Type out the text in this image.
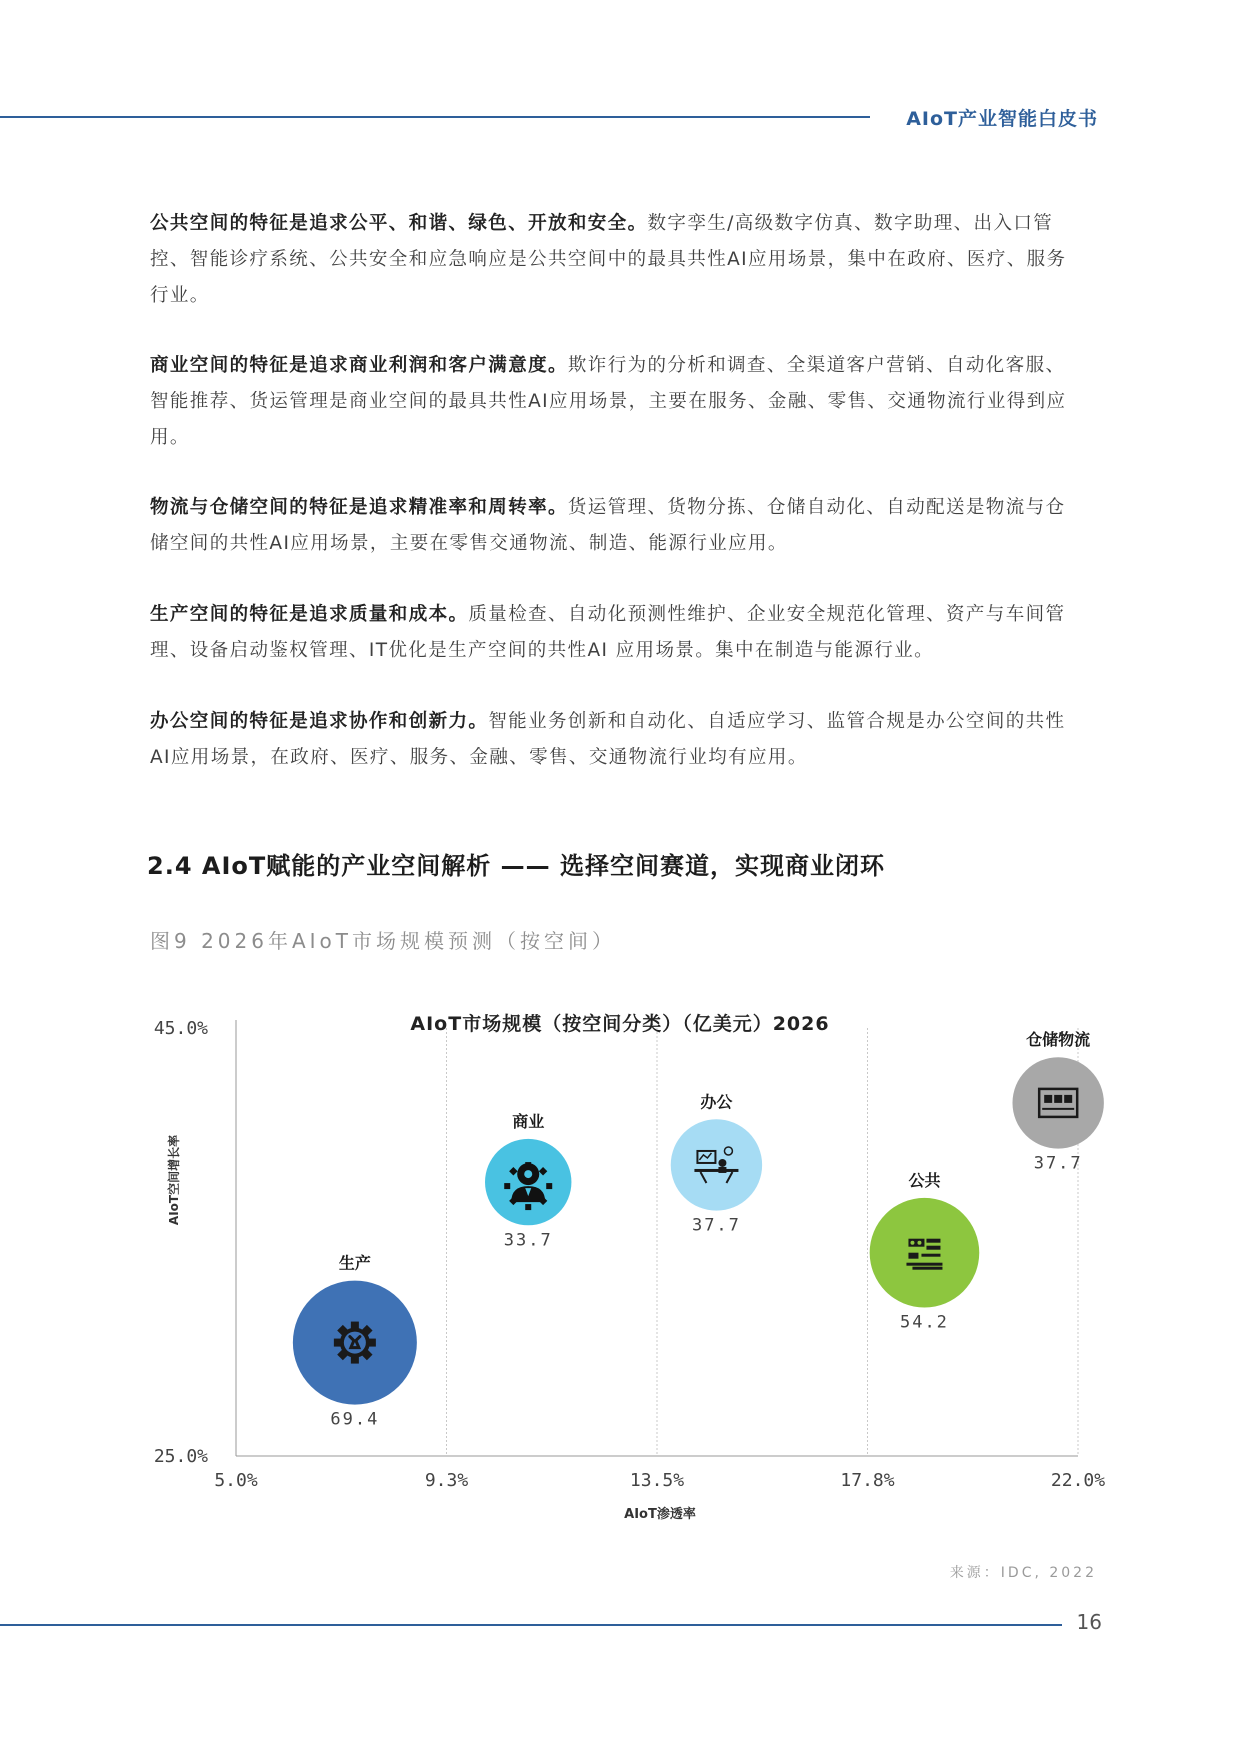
AIoT产业智能白皮书
公共空间的特征是追求公平、和谐、绿色、开放和安全。数字孪生/高级数字仿真、数字助理、出入口管控、智能诊疗系统、公共安全和应急响应是公共空间中的最具共性AI应用场景，集中在政府、医疗、服务行业。
商业空间的特征是追求商业利润和客户满意度。欺诈行为的分析和调查、全渠道客户营销、自动化客服、智能推荐、货运管理是商业空间的最具共性AI应用场景，主要在服务、金融、零售、交通物流行业得到应用。
物流与仓储空间的特征是追求精准率和周转率。货运管理、货物分拣、仓储自动化、自动配送是物流与仓储空间的共性AI应用场景，主要在零售交通物流、制造、能源行业应用。
生产空间的特征是追求质量和成本。质量检查、自动化预测性维护、企业安全规范化管理、资产与车间管理、设备启动鉴权管理、IT优化是生产空间的共性AI 应用场景。集中在制造与能源行业。
办公空间的特征是追求协作和创新力。智能业务创新和自动化、自适应学习、监管合规是办公空间的共性AI应用场景，在政府、医疗、服务、金融、零售、交通物流行业均有应用。
2.4 AIoT赋能的产业空间解析 —— 选择空间赛道，实现商业闭环
图9 2026年AIoT市场规模预测（按空间）
AIoT市场规模（按空间分类）（亿美元）2026
5.0%	9.3%	13.5%	17.8%	22.0%
45.0%
25.0%
AIoT渗透率
AIoT空间增长率
生产
69.4
商业
33.7
办公
37.7
公共
54.2
仓储物流
37.7
来源：IDC, 2022
16
